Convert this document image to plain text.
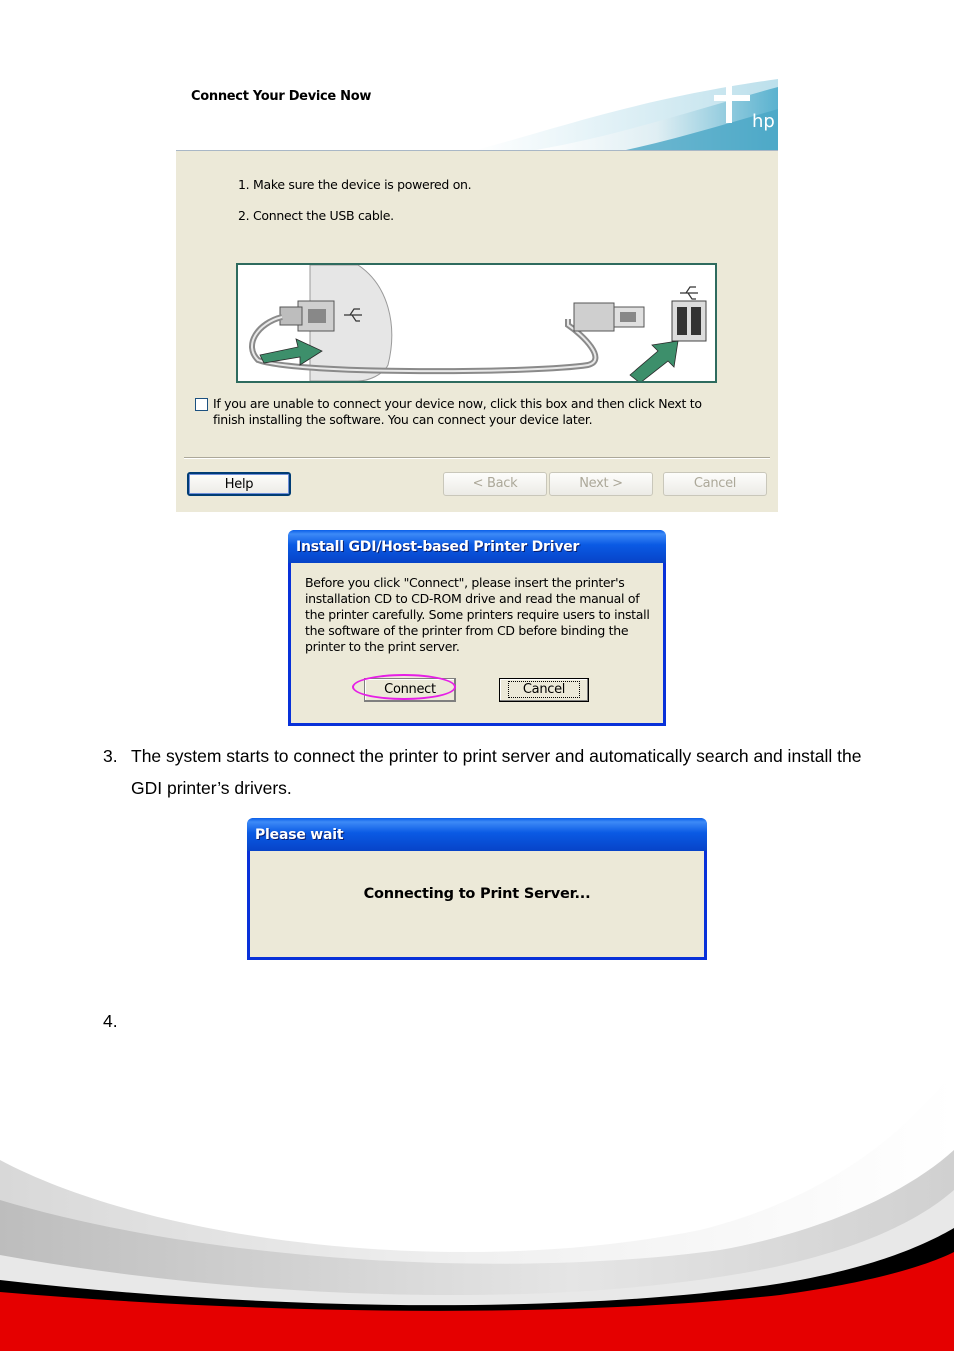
hp
Connect Your Device Now
1. Make sure the device is powered on.
2. Connect the USB cable.
If you are unable to connect your device now, click this box and then click Next to finish installing the software. You can connect your device later.
Help	< Back	Next >	Cancel
Install GDI/Host-based Printer Driver
Before you click "Connect", please insert the printer's installation CD to CD-ROM drive and read the manual of the printer carefully. Some printers require users to install the software of the printer from CD before binding the printer to the print server.
Connect	Cancel
3. The system starts to connect the printer to print server and automatically search and install the GDI printer’s drivers.
Please wait
Connecting to Print Server...
4.
